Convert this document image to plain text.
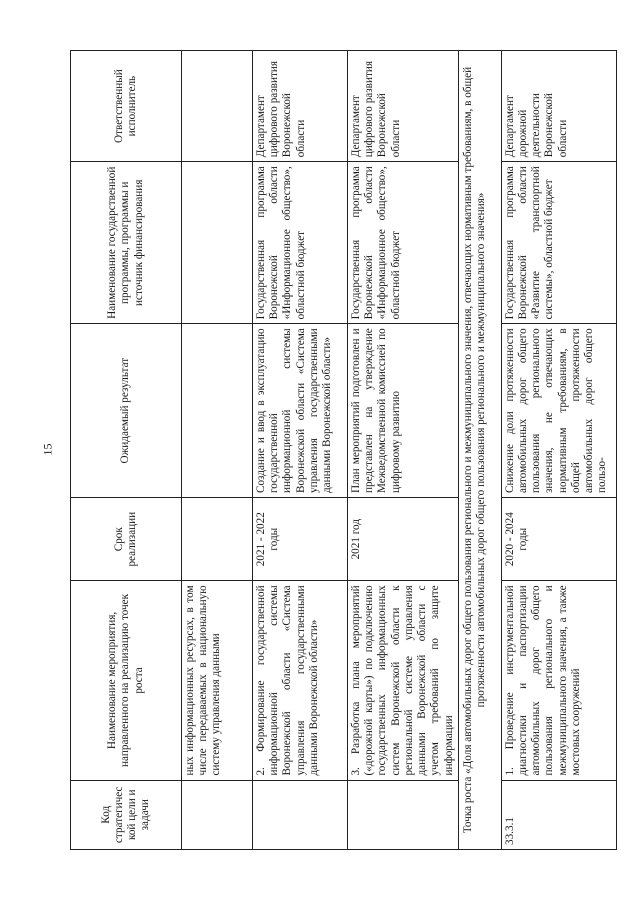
15
Код стратегической цели и задачи	Наименование мероприятия, направленного на реализацию точек роста	Срок реализации	Ожидаемый результат	Наименование государственной программы, программы и источник финансирования	Ответственный исполнитель
	ных информационных ресурсах, в том числе передаваемых в национальную систему управления данными				
	2. Формирование государственной информационной системы Воронежской области «Система управления государственными данными Воронежской области»	2021 - 2022 годы	Создание и ввод в эксплуатацию государственной информационной системы Воронежской области «Система управления государственными данными Воронежской области»	Государственная программа Воронежской области «Информационное общество», областной бюджет	Департамент цифрового развития Воронежской области
	3. Разработка плана мероприятий («дорожной карты») по подключению государственных информационных систем Воронежской области к региональной системе управления данными Воронежской области с учетом требований по защите информации	2021 год	План мероприятий подготовлен и представлен на утверждение Межведомственной комиссией по цифровому развитию	Государственная программа Воронежской области «Информационное общество», областной бюджет	Департамент цифрового развития Воронежской области
Точка роста «Доля автомобильных дорог общего пользования регионального и межмуниципального значения, отвечающих нормативным требованиям, в общей протяженности автомобильных дорог общего пользования регионального и межмуниципального значения»					
33.3.1	1. Проведение инструментальной диагностики и паспортизации автомобильных дорог общего пользования регионального и межмуниципального значения, а также мостовых сооружений	2020 - 2024 годы	Снижение доли протяженности автомобильных дорог общего пользования регионального значения, не отвечающих нормативным требованиям, в общей протяженности автомобильных дорог общего пользо-	Государственная программа Воронежской области «Развитие транспортной системы», областной бюджет	Департамент дорожной деятельности Воронежской области
